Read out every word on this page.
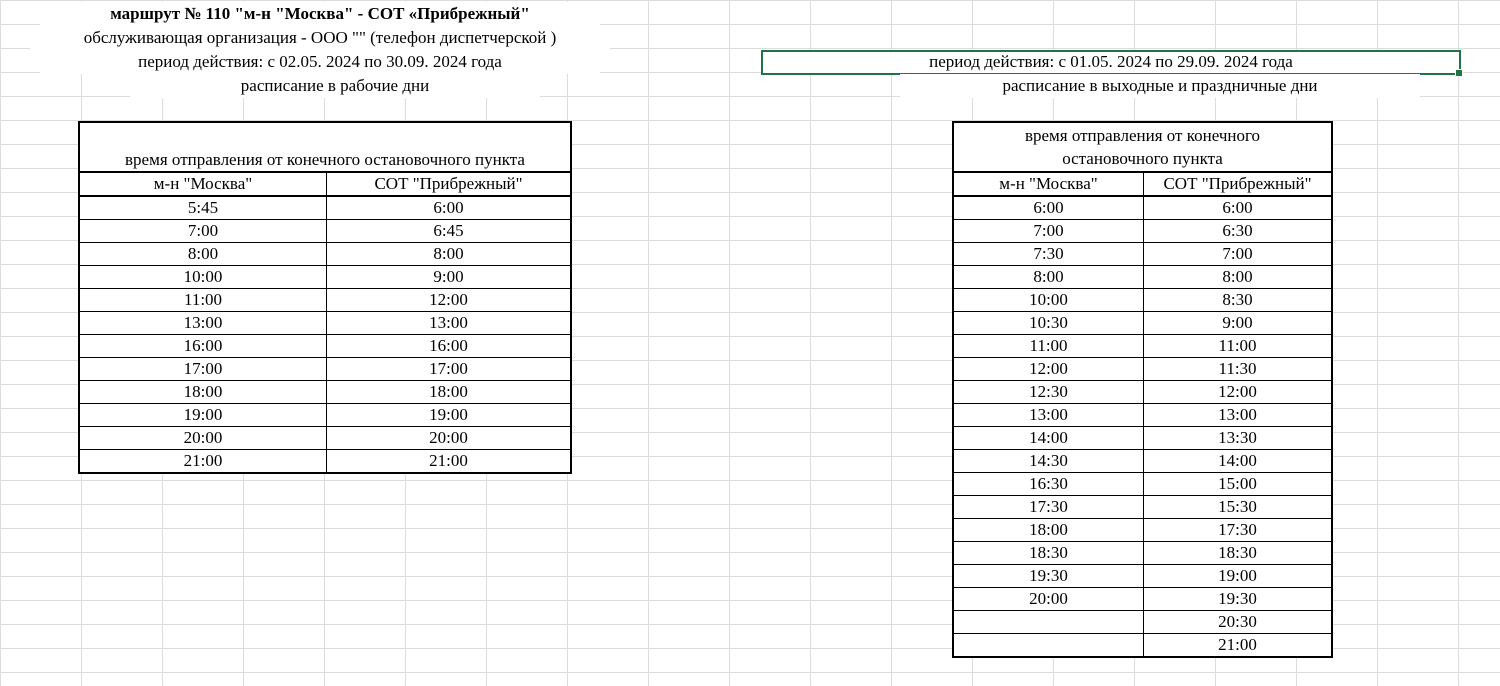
маршрут № 110 "м-н "Москва" - СОТ «Прибрежный"
обслуживающая организация - ООО "" (телефон диспетчерской )
период действия: с 02.05. 2024 по 30.09. 2024 года
расписание в рабочие дни
период действия: с 01.05. 2024 по 29.09. 2024 года
расписание в выходные и праздничные дни
время отправления от конечного остановочного пункта	
м-н "Москва"	СОТ "Прибрежный"
5:45	6:00
7:00	6:45
8:00	8:00
10:00	9:00
11:00	12:00
13:00	13:00
16:00	16:00
17:00	17:00
18:00	18:00
19:00	19:00
20:00	20:00
21:00	21:00
время отправления от конечного
остановочного пункта	
м-н "Москва"	СОТ "Прибрежный"
6:00	6:00
7:00	6:30
7:30	7:00
8:00	8:00
10:00	8:30
10:30	9:00
11:00	11:00
12:00	11:30
12:30	12:00
13:00	13:00
14:00	13:30
14:30	14:00
16:30	15:00
17:30	15:30
18:00	17:30
18:30	18:30
19:30	19:00
20:00	19:30
	20:30
	21:00
